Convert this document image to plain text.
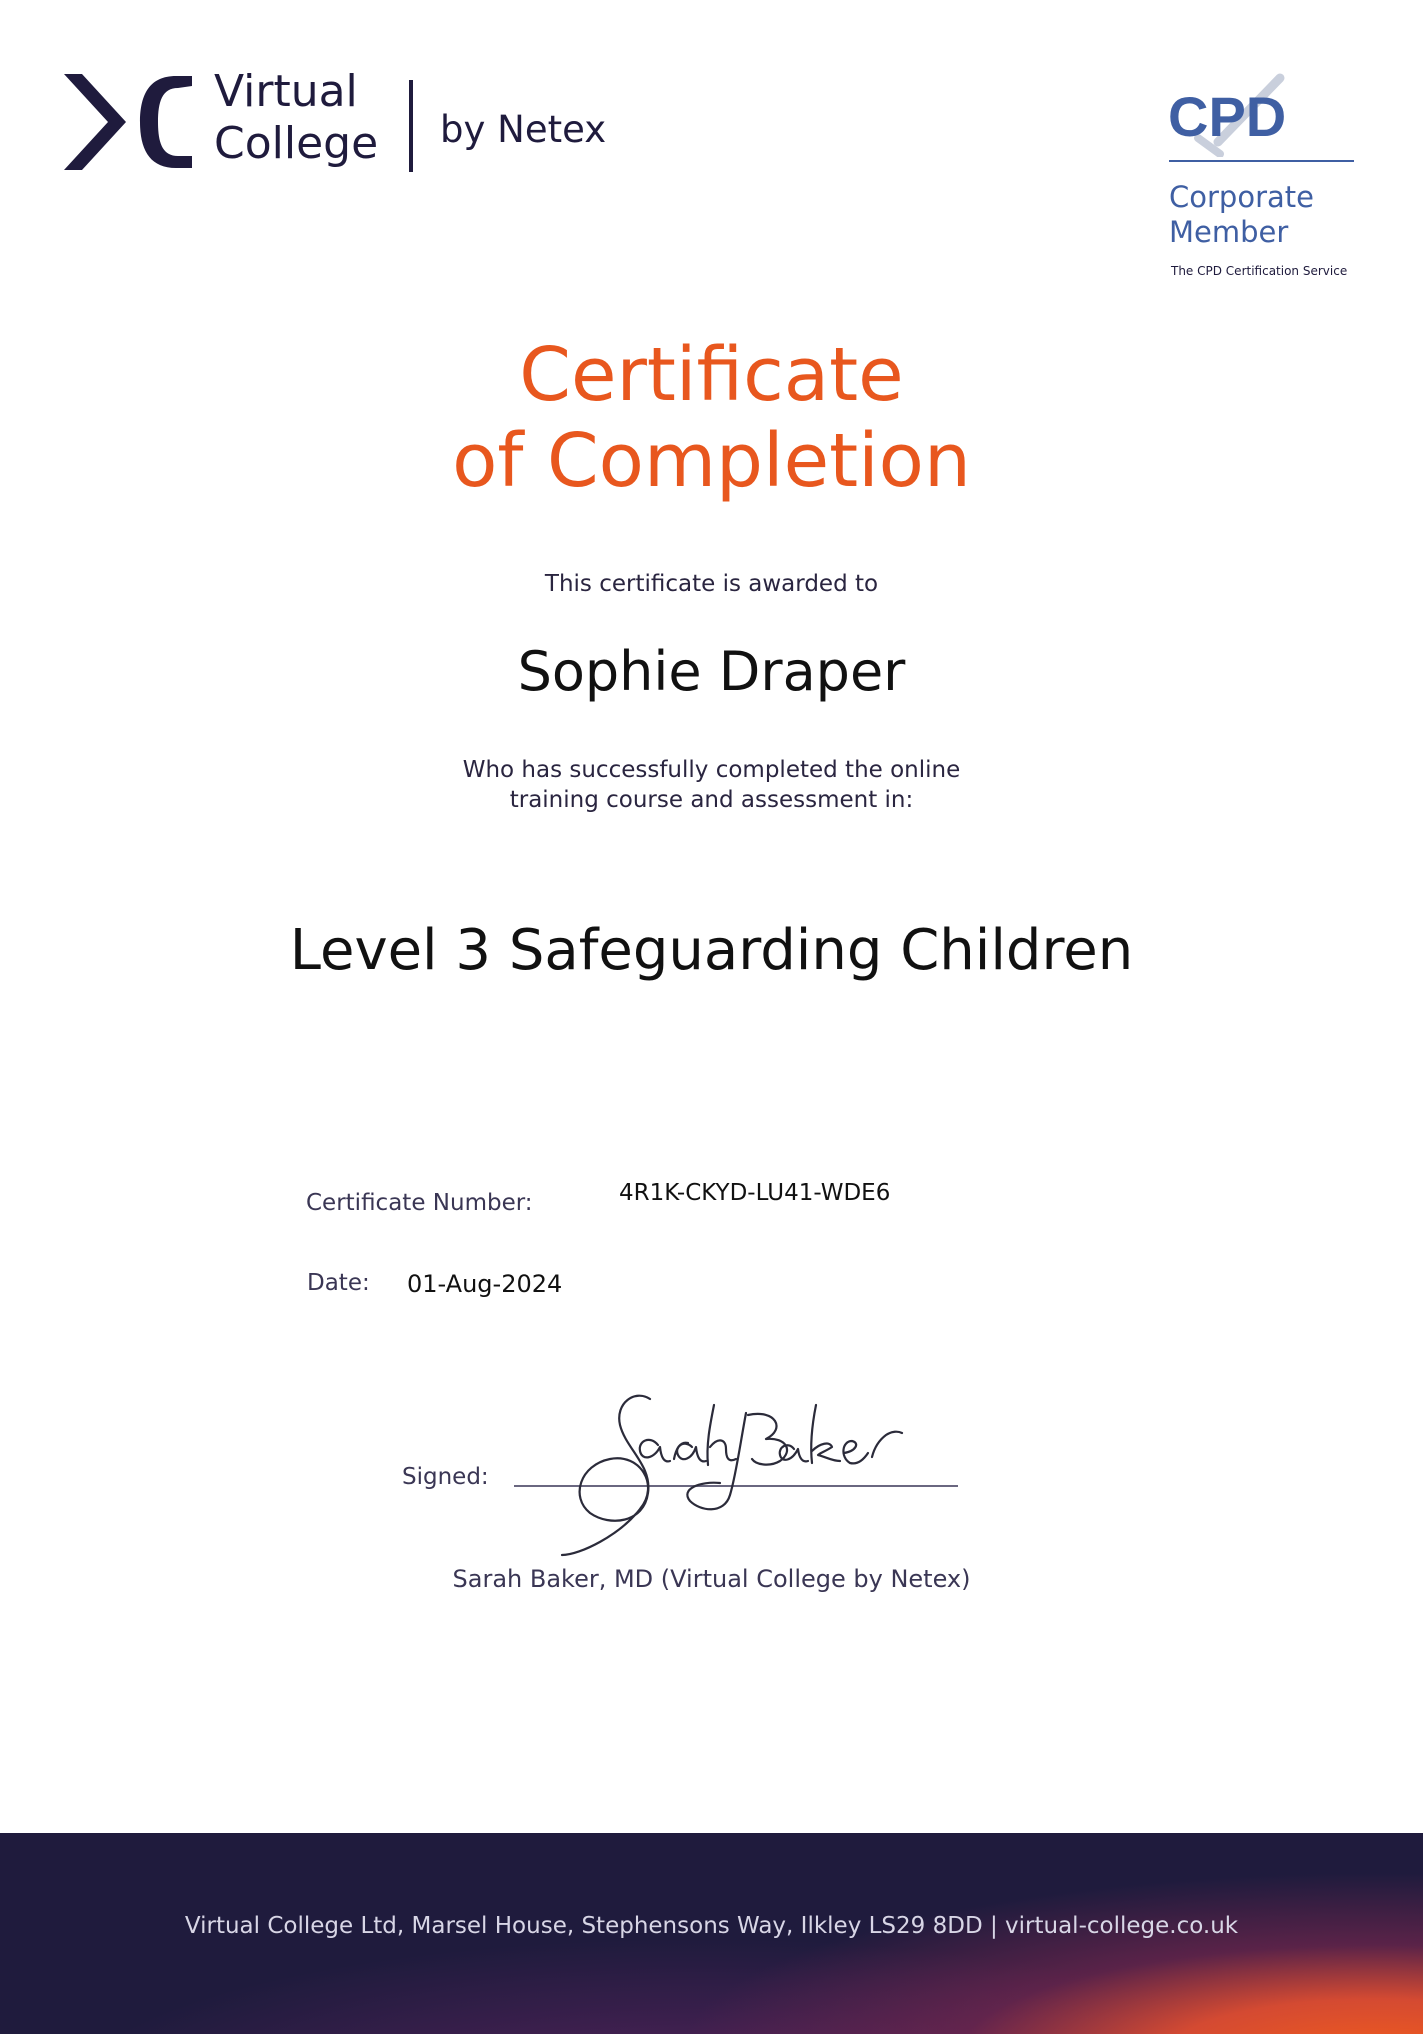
Virtual
College by Netex	CPD
Corporate
Member
The CPD Certification Service
Certificate
of Completion
This certificate is awarded to
Sophie Draper
Who has successfully completed the online
training course and assessment in:
Level 3 Safeguarding Children
Certificate Number:	4R1K-CKYD-LU41-WDE6
Date: 01-Aug-2024
Signed:
Sarah Baker, MD (Virtual College by Netex)
Virtual College Ltd, Marsel House, Stephensons Way, Ilkley LS29 8DD | virtual-college.co.uk
